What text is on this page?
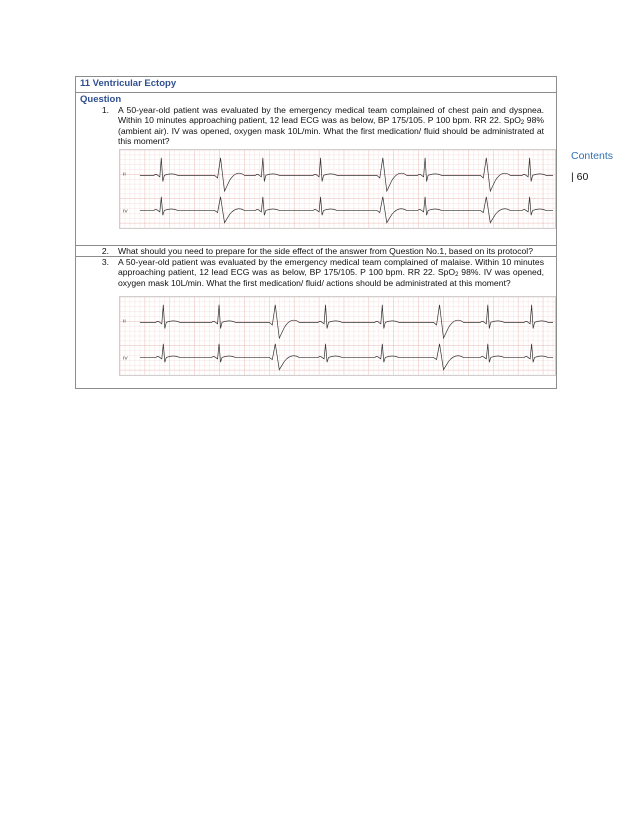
11 Ventricular Ectopy
Question
1.	A 50-year-old patient was evaluated by the emergency medical team complained of chest pain and dyspnea. Within 10 minutes approaching patient, 12 lead ECG was as below, BP 175/105. P 100 bpm. RR 22. SpO$_2$ 98% (ambient air). IV was opened, oxygen mask 10L/min. What the first medication/ fluid should be administrated at this moment?
II
IV
2.	What should you need to prepare for the side effect of the answer from Question No.1, based on its protocol?
3.	A 50-year-old patient was evaluated by the emergency medical team complained of malaise. Within 10 minutes approaching patient, 12 lead ECG was as below, BP 175/105. P 100 bpm. RR 22. SpO$_2$ 98%. IV was opened, oxygen mask 10L/min. What the first medication/ fluid/ actions should be administrated at this moment?
II
IV
Contents
| 60
